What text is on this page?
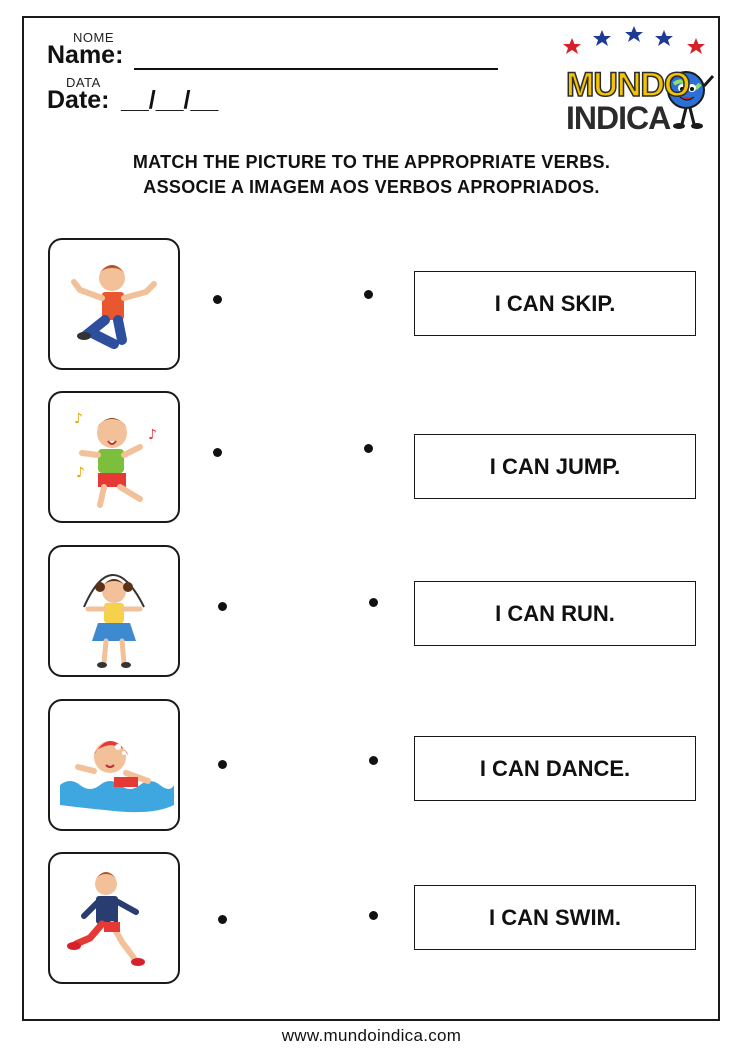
NOME
Name:
DATA
Date: __/__/__	MUNDO
INDICA
MATCH THE PICTURE TO THE APPROPRIATE VERBS.
ASSOCIE A IMAGEM AOS VERBOS APROPRIADOS.
I CAN SKIP.
♪
♪
♪	I CAN JUMP.
I CAN RUN.
I CAN DANCE.
I CAN SWIM.
www.mundoindica.com
